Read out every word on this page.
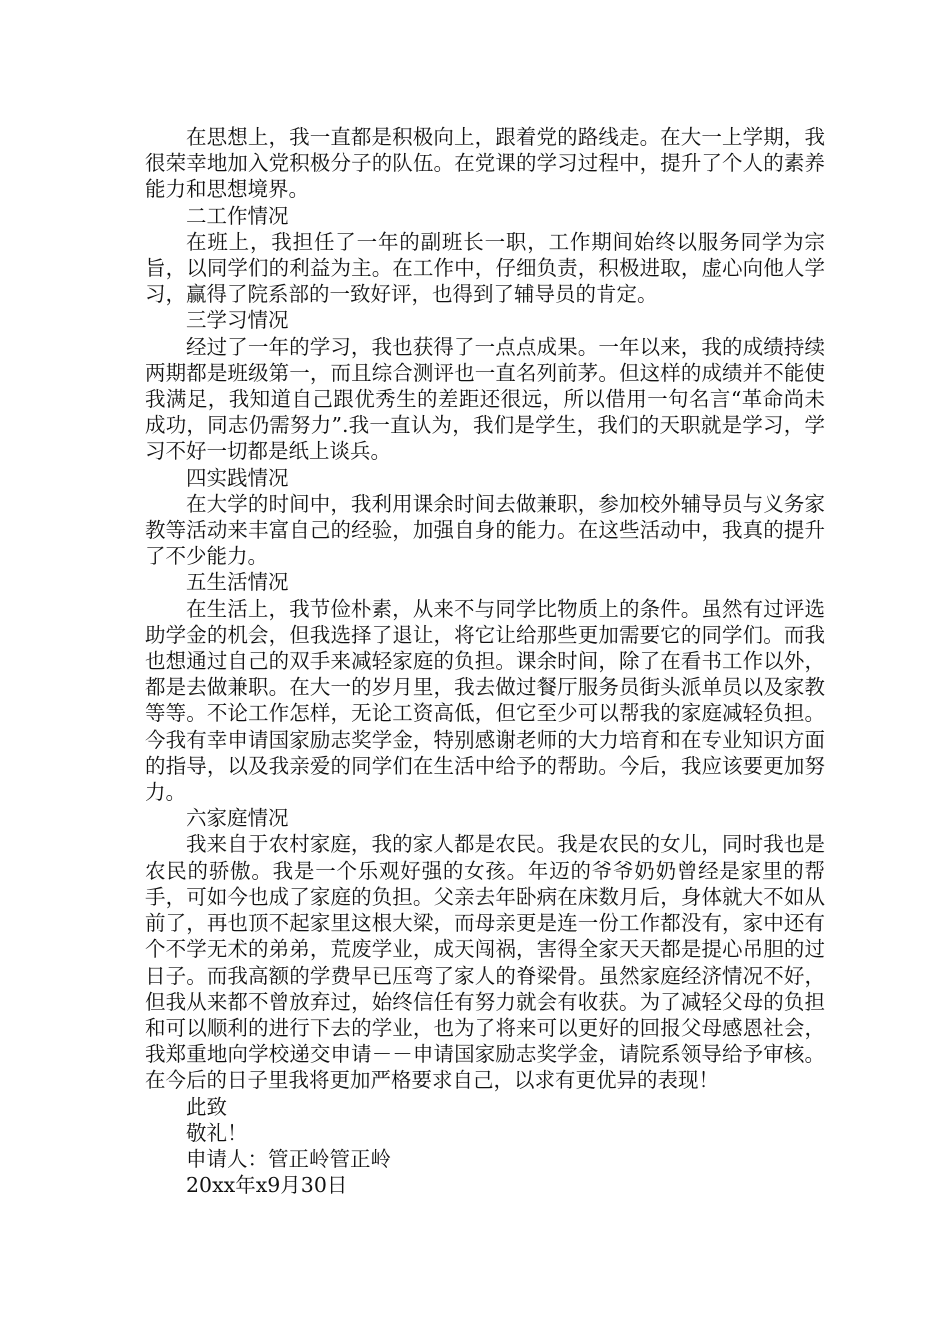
在思想上，我一直都是积极向上，跟着党的路线走。在大一上学期，我很荣幸地加入党积极分子的队伍。在党课的学习过程中，提升了个人的素养能力和思想境界。

二工作情况

在班上，我担任了一年的副班长一职，工作期间始终以服务同学为宗旨，以同学们的利益为主。在工作中，仔细负责，积极进取，虚心向他人学习，赢得了院系部的一致好评，也得到了辅导员的肯定。

三学习情况

经过了一年的学习，我也获得了一点点成果。一年以来，我的成绩持续两期都是班级第一，而且综合测评也一直名列前茅。但这样的成绩并不能使我满足，我知道自己跟优秀生的差距还很远，所以借用一句名言“革命尚未成功，同志仍需努力”.我一直认为，我们是学生，我们的天职就是学习，学习不好一切都是纸上谈兵。

四实践情况

在大学的时间中，我利用课余时间去做兼职，参加校外辅导员与义务家教等活动来丰富自己的经验，加强自身的能力。在这些活动中，我真的提升了不少能力。

五生活情况

在生活上，我节俭朴素，从来不与同学比物质上的条件。虽然有过评选助学金的机会，但我选择了退让，将它让给那些更加需要它的同学们。而我也想通过自己的双手来减轻家庭的负担。课余时间，除了在看书工作以外，都是去做兼职。在大一的岁月里，我去做过餐厅服务员街头派单员以及家教等等。不论工作怎样，无论工资高低，但它至少可以帮我的家庭减轻负担。今我有幸申请国家励志奖学金，特别感谢老师的大力培育和在专业知识方面的指导，以及我亲爱的同学们在生活中给予的帮助。今后，我应该要更加努力。

六家庭情况

我来自于农村家庭，我的家人都是农民。我是农民的女儿，同时我也是农民的骄傲。我是一个乐观好强的女孩。年迈的爷爷奶奶曾经是家里的帮手，可如今也成了家庭的负担。父亲去年卧病在床数月后，身体就大不如从前了，再也顶不起家里这根大梁，而母亲更是连一份工作都没有，家中还有个不学无术的弟弟，荒废学业，成天闯祸，害得全家天天都是提心吊胆的过日子。而我高额的学费早已压弯了家人的脊梁骨。虽然家庭经济情况不好，但我从来都不曾放弃过，始终信任有努力就会有收获。为了减轻父母的负担和可以顺利的进行下去的学业，也为了将来可以更好的回报父母感恩社会，我郑重地向学校递交申请－－申请国家励志奖学金，请院系领导给予审核。在今后的日子里我将更加严格要求自己，以求有更优异的表现！

此致

敬礼！

申请人：管正岭管正岭

20xx年x9月30日
